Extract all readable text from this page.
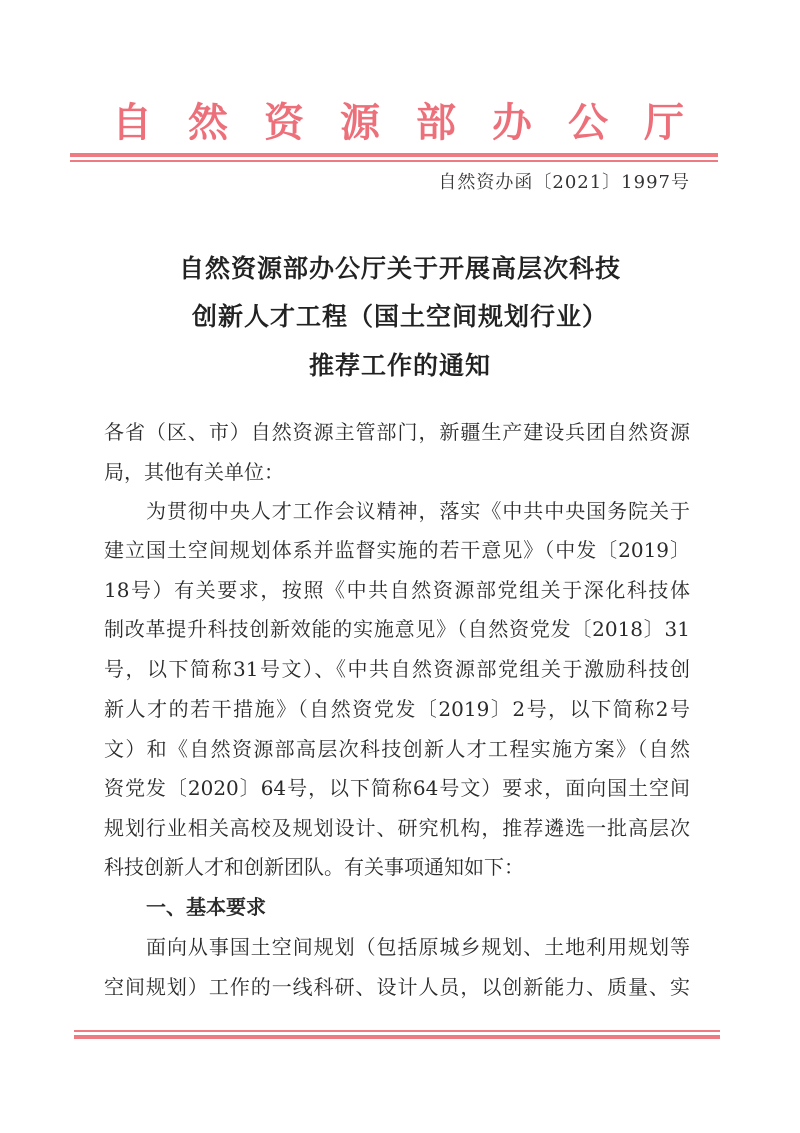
自然资源部办公厅
自然资办函〔2021〕1997号
自然资源部办公厅关于开展高层次科技
创新人才工程（国土空间规划行业）
推荐工作的通知
各省（区、市）自然资源主管部门，新疆生产建设兵团自然资源
局，其他有关单位：
为贯彻中央人才工作会议精神，落实《中共中央国务院关于
建立国土空间规划体系并监督实施的若干意见》（中发〔2019〕
18号）有关要求，按照《中共自然资源部党组关于深化科技体
制改革提升科技创新效能的实施意见》（自然资党发〔2018〕31
号，以下简称31号文）、《中共自然资源部党组关于激励科技创
新人才的若干措施》（自然资党发〔2019〕2号，以下简称2号
文）和《自然资源部高层次科技创新人才工程实施方案》（自然
资党发〔2020〕64号，以下简称64号文）要求，面向国土空间
规划行业相关高校及规划设计、研究机构，推荐遴选一批高层次
科技创新人才和创新团队。有关事项通知如下：
一、基本要求
面向从事国土空间规划（包括原城乡规划、土地利用规划等
空间规划）工作的一线科研、设计人员，以创新能力、质量、实
